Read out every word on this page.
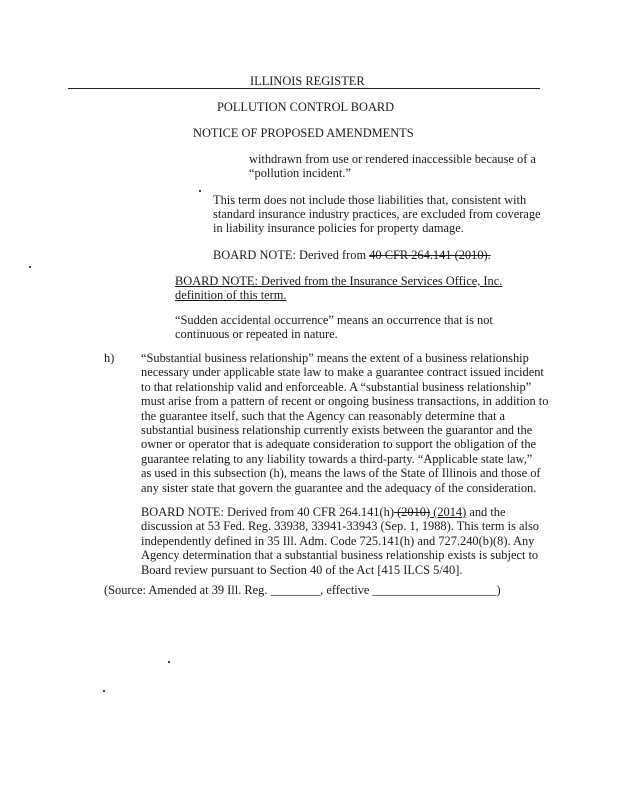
ILLINOIS REGISTER
POLLUTION CONTROL BOARD
NOTICE OF PROPOSED AMENDMENTS
withdrawn from use or rendered inaccessible because of a
“pollution incident.”
This term does not include those liabilities that, consistent with
standard insurance industry practices, are excluded from coverage
in liability insurance policies for property damage.
BOARD NOTE: Derived from 40 CFR 264.141 (2010).
BOARD NOTE: Derived from the Insurance Services Office, Inc.
definition of this term.
“Sudden accidental occurrence” means an occurrence that is not
continuous or repeated in nature.
h) “Substantial business relationship” means the extent of a business relationship
necessary under applicable state law to make a guarantee contract issued incident
to that relationship valid and enforceable. A “substantial business relationship”
must arise from a pattern of recent or ongoing business transactions, in addition to
the guarantee itself, such that the Agency can reasonably determine that a
substantial business relationship currently exists between the guarantor and the
owner or operator that is adequate consideration to support the obligation of the
guarantee relating to any liability towards a third-party. “Applicable state law,”
as used in this subsection (h), means the laws of the State of Illinois and those of
any sister state that govern the guarantee and the adequacy of the consideration.
BOARD NOTE: Derived from 40 CFR 264.141(h) (2010) (2014) and the
discussion at 53 Fed. Reg. 33938, 33941-33943 (Sep. 1, 1988). This term is also
independently defined in 35 Ill. Adm. Code 725.141(h) and 727.240(b)(8). Any
Agency determination that a substantial business relationship exists is subject to
Board review pursuant to Section 40 of the Act [415 ILCS 5/40].
(Source: Amended at 39 Ill. Reg. ________, effective ____________________)
